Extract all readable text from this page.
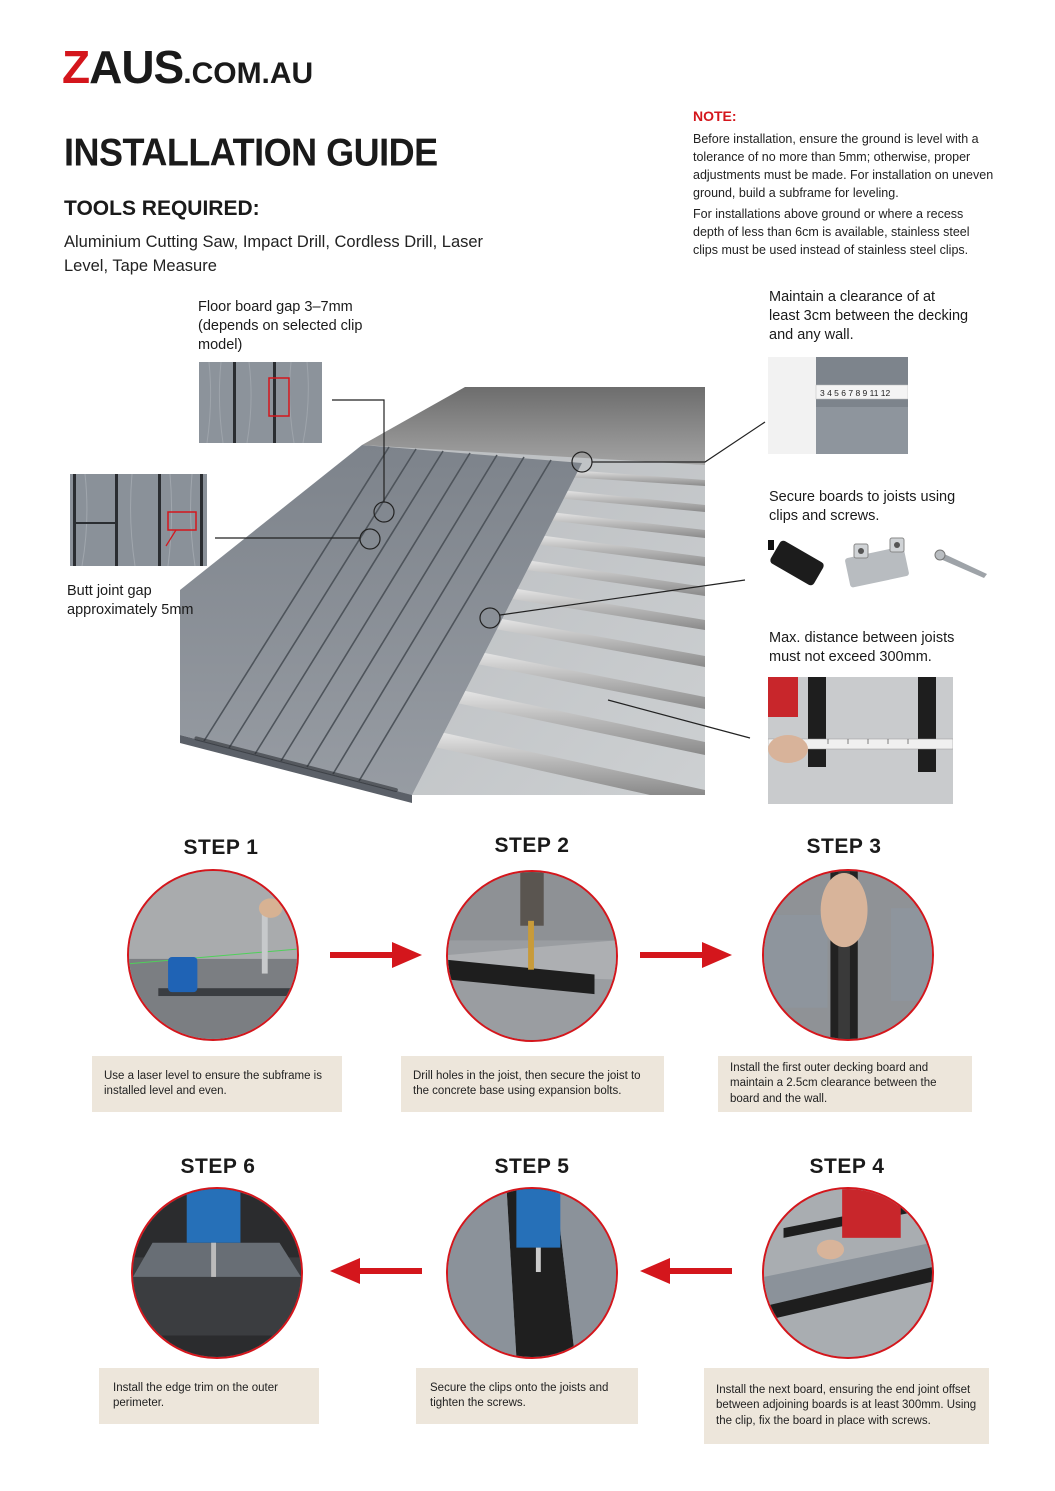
ZAUS.COM.AU
INSTALLATION GUIDE
TOOLS REQUIRED:
Aluminium Cutting Saw, Impact Drill, Cordless Drill, Laser Level, Tape Measure
NOTE:
Before installation, ensure the ground is level with a tolerance of no more than 5mm; otherwise, proper adjustments must be made. For installation on uneven ground, build a subframe for leveling.
For installations above ground or where a recess depth of less than 6cm is available, stainless steel clips must be used instead of stainless steel clips.
3 4 5 6 7 8 9 11 12
Floor board gap 3–7mm (depends on selected clip model)
Butt joint gap approximately 5mm
Maintain a clearance of at least 3cm between the decking and any wall.
Secure boards to joists using clips and screws.
Max. distance between joists must not exceed 300mm.
STEP 1	STEP 2	STEP 3
Use a laser level to ensure the subframe is installed level and even.
Drill holes in the joist, then secure the joist to the concrete base using expansion bolts.
Install the first outer decking board and maintain a 2.5cm clearance between the board and the wall.
STEP 6	STEP 5	STEP 4
Install the edge trim on the outer perimeter.
Secure the clips onto the joists and tighten the screws.
Install the next board, ensuring the end joint offset between adjoining boards is at least 300mm. Using the clip, fix the board in place with screws.
